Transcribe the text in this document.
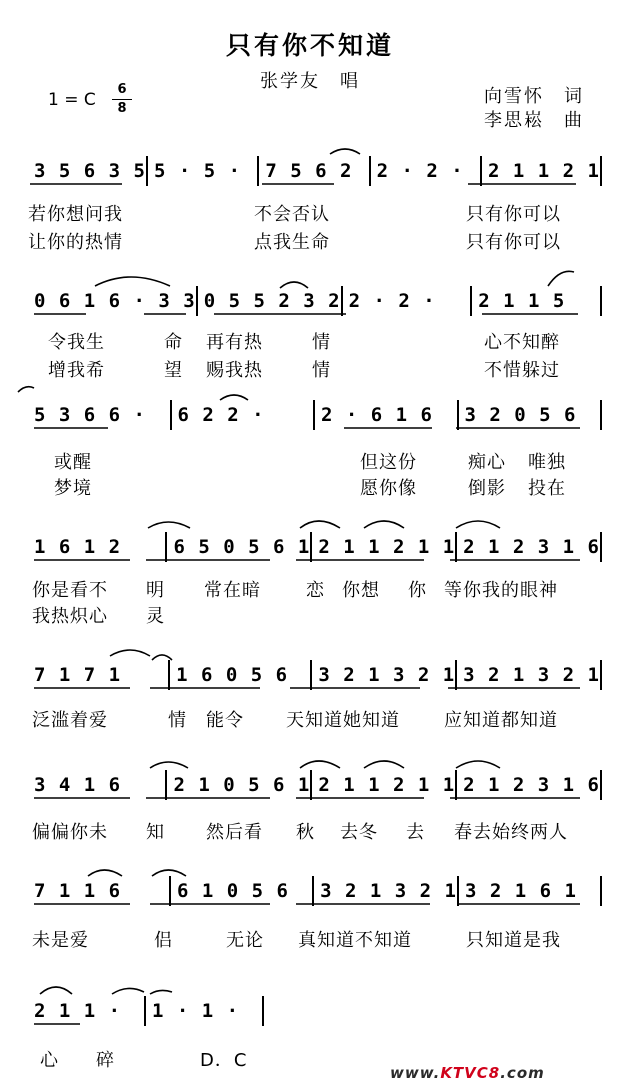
只有你不知道
张学友　唱
向雪怀　词
李思崧　曲
1 = C
6
8
3 5 6 3 5 5 · 5 ·	7 5 6 2	2 · 2 ·	2 1 1 2 1
若你想问我	不会否认	只有你可以
让你的热情	点我生命	只有你可以
0 6 1 6 · 3 3 0 5 5 2 3 2 2 · 2 ·	2 1 1 5
令我生	命 再有热	情	心不知醉
增我希	望 赐我热	情	不惜躲过
5 3 6 6 ·	6 2 2 ·	2 · 6 1 6	3 2 0 5 6
或醒	但这份	痴心 唯独
梦境	愿你像	倒影 投在
1 6 1 2	6 5 0 5 6 1 2 1 1 2 1 1 2 1 2 3 1 6
你是看不 明 常在暗	恋 你想 你 等你我的眼神
我热炽心 灵
7 1 7 1	1 6 0 5 6	3 2 1 3 2 1 3 2 1 3 2 1
泛滥着爱	情 能令 天知道她知道 应知道都知道
3 4 1 6	2 1 0 5 6 1 2 1 1 2 1 1 2 1 2 3 1 6
偏偏你未 知 然后看 秋 去冬 去 春去始终两人
7 1 1 6	6 1 0 5 6	3 2 1 3 2 1 3 2 1 6 1
未是爱	侣	无论 真知道不知道	只知道是我
2 1 1 ·	1 · 1 ·
心 碎	D．C
www.KTVC8.com
